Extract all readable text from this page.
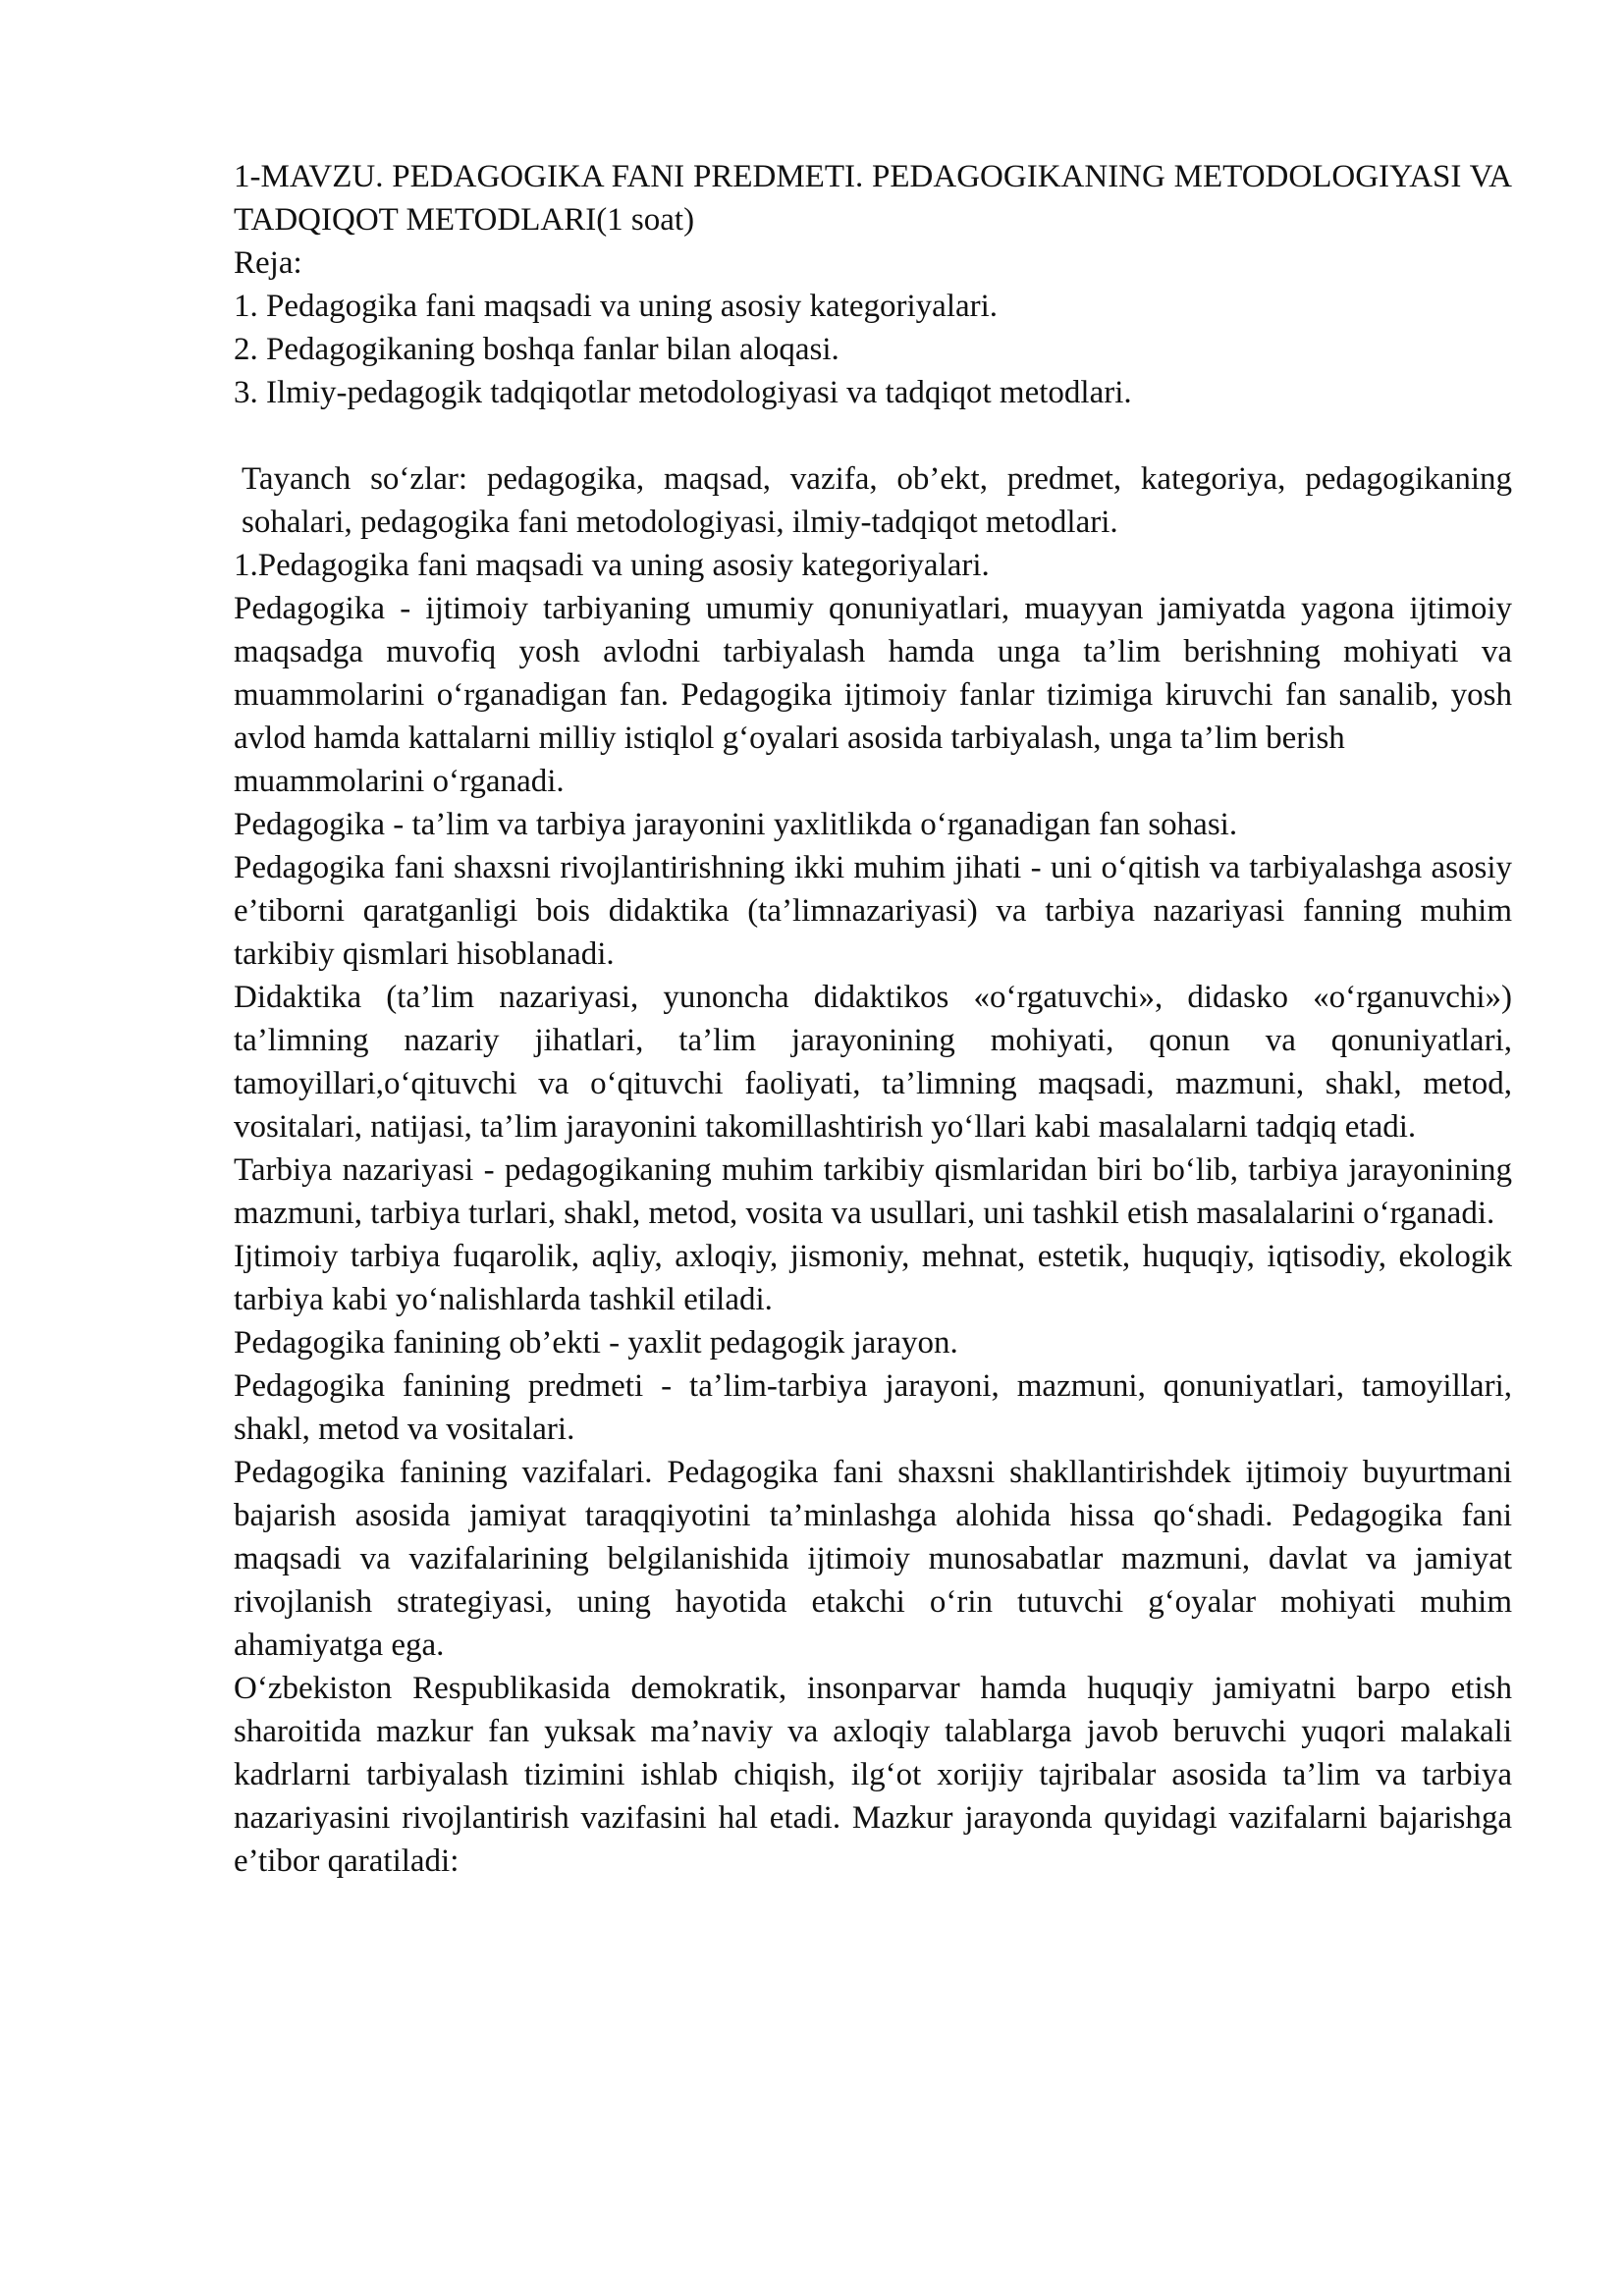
1-MAVZU. PEDAGOGIKA FANI PREDMETI. PEDAGOGIKANING METODOLOGIYASI VA TADQIQOT METODLARI(1 soat)

Reja:

1. Pedagogika fani maqsadi va uning asosiy kategoriyalari.

2. Pedagogikaning boshqa fanlar bilan aloqasi.

3. Ilmiy-pedagogik tadqiqotlar metodologiyasi va tadqiqot metodlari.

Tayanch so‘zlar: pedagogika, maqsad, vazifa, ob’ekt, predmet, kategoriya, pedagogikaning sohalari, pedagogika fani metodologiyasi, ilmiy-tadqiqot metodlari.

1.Pedagogika fani maqsadi va uning asosiy kategoriyalari.

Pedagogika - ijtimoiy tarbiyaning umumiy qonuniyatlari, muayyan jamiyatda yagona ijtimoiy maqsadga muvofiq yosh avlodni tarbiyalash hamda unga ta’lim berishning mohiyati va muammolarini o‘rganadigan fan. Pedagogika ijtimoiy fanlar tizimiga kiruvchi fan sanalib, yosh avlod hamda kattalarni milliy istiqlol g‘oyalari asosida tarbiyalash, unga ta’lim berish

muammolarini o‘rganadi.

Pedagogika - ta’lim va tarbiya jarayonini yaxlitlikda o‘rganadigan fan sohasi.

Pedagogika fani shaxsni rivojlantirishning ikki muhim jihati - uni o‘qitish va tarbiyalashga asosiy e’tiborni qaratganligi bois didaktika (ta’limnazariyasi) va tarbiya nazariyasi fanning muhim tarkibiy qismlari hisoblanadi.

Didaktika (ta’lim nazariyasi, yunoncha didaktikos «o‘rgatuvchi», didasko «o‘rganuvchi») ta’limning nazariy jihatlari, ta’lim jarayonining mohiyati, qonun va qonuniyatlari, tamoyillari,o‘qituvchi va o‘qituvchi faoliyati, ta’limning maqsadi, mazmuni, shakl, metod, vositalari, natijasi, ta’lim jarayonini takomillashtirish yo‘llari kabi masalalarni tadqiq etadi.

Tarbiya nazariyasi - pedagogikaning muhim tarkibiy qismlaridan biri bo‘lib, tarbiya jarayonining mazmuni, tarbiya turlari, shakl, metod, vosita va usullari, uni tashkil etish masalalarini o‘rganadi.

Ijtimoiy tarbiya fuqarolik, aqliy, axloqiy, jismoniy, mehnat, estetik, huquqiy, iqtisodiy, ekologik tarbiya kabi yo‘nalishlarda tashkil etiladi.

Pedagogika fanining ob’ekti - yaxlit pedagogik jarayon.

Pedagogika fanining predmeti - ta’lim-tarbiya jarayoni, mazmuni, qonuniyatlari, tamoyillari, shakl, metod va vositalari.

Pedagogika fanining vazifalari. Pedagogika fani shaxsni shakllantirishdek ijtimoiy buyurtmani bajarish asosida jamiyat taraqqiyotini ta’minlashga alohida hissa qo‘shadi. Pedagogika fani maqsadi va vazifalarining belgilanishida ijtimoiy munosabatlar mazmuni, davlat va jamiyat rivojlanish strategiyasi, uning hayotida etakchi o‘rin tutuvchi g‘oyalar mohiyati muhim ahamiyatga ega.

O‘zbekiston Respublikasida demokratik, insonparvar hamda huquqiy jamiyatni barpo etish sharoitida mazkur fan yuksak ma’naviy va axloqiy talablarga javob beruvchi yuqori malakali kadrlarni tarbiyalash tizimini ishlab chiqish, ilg‘ot xorijiy tajribalar asosida ta’lim va tarbiya nazariyasini rivojlantirish vazifasini hal etadi. Mazkur jarayonda quyidagi vazifalarni bajarishga e’tibor qaratiladi:
